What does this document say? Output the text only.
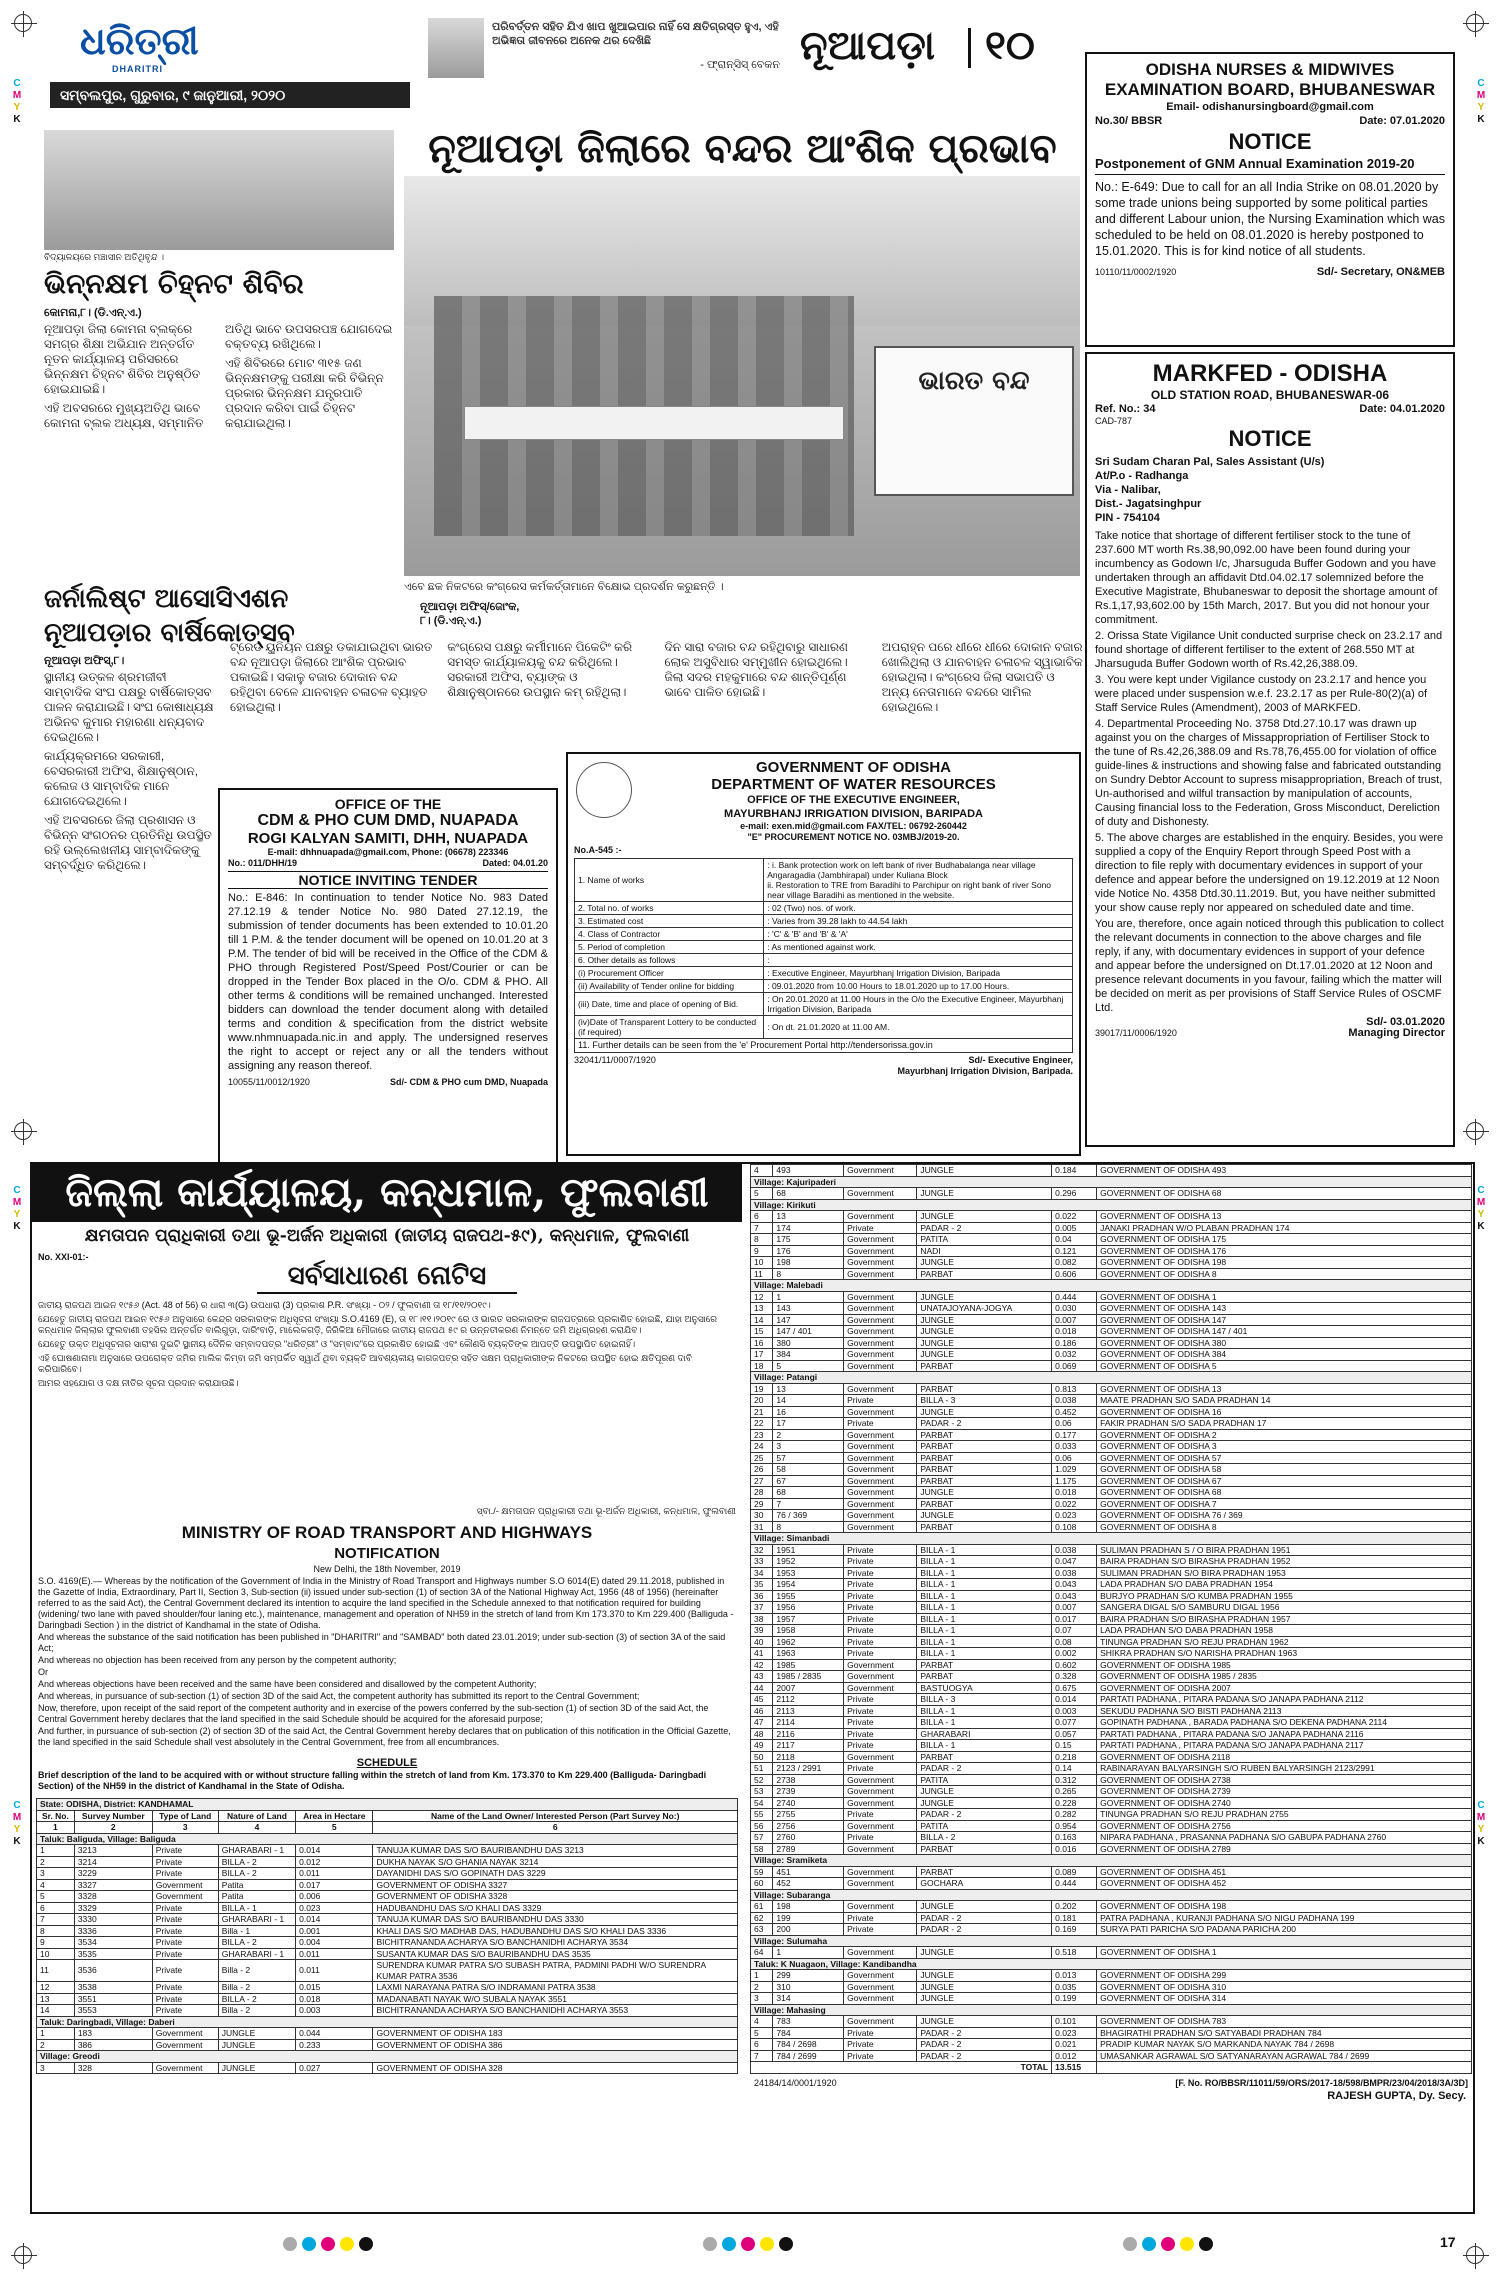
C
M
Y
K
C
M
Y
K
C
M
Y
K
C
M
Y
K
C
M
Y
K
C
M
Y
K
ଧରିତ୍ରୀ
DHARITRI
ସମ୍ବଲପୁର, ଗୁରୁବାର, ୯ ଜାନୁଆରୀ, ୨୦୨୦
ପରିବର୍ତ୍ତନ ସହିତ ଯିଏ ଖାପ ଖୁଆଇପାର ନାହିଁ ସେ କ୍ଷତିଗ୍ରସ୍ତ ହୁଏ, ଏହି ଅଭିଜ୍ଞତା ଜୀବନରେ ଅନେକ ଥର ଦେଖିଛି
- ଫ୍ରାନ୍ସିସ୍ ବେକନ ନୂଆପଡ଼ା ୧୦
ନୂଆପଡ଼ା ଜିଲାରେ ବନ୍ଦର ଆଂଶିକ ପ୍ରଭାବ
ଭାରତ ବନ୍ଦ
ଏବେ ଛକ ନିକଟରେ କଂଗ୍ରେସ କର୍ମକର୍ତ୍ତାମାନେ ବିକ୍ଷୋଭ ପ୍ରଦର୍ଶନ କରୁଛନ୍ତି ।
ବିଦ୍ୟାଳୟରେ ମଞ୍ଚାସୀନ ଅତିଥିବୃନ୍ଦ ।
ଭିନ୍ନକ୍ଷମ ଚିହ୍ନଟ ଶିବିର
କୋମନା,୮। (ଡି.ଏନ୍.ଏ.)

ନୂଆପଡ଼ା ଜିଲା କୋମନା ବ୍ଲକ୍‌ରେ ସମଗ୍ର ଶିକ୍ଷା ଅଭିଯାନ ଅନ୍ତର୍ଗତ ନୂତନ କାର୍ଯ୍ୟାଳୟ ପରିସରରେ ଭିନ୍ନକ୍ଷମ ଚିହ୍ନଟ ଶିବିର ଅନୁଷ୍ଠିତ ହୋଇଯାଇଛି।

ଏହି ଅବସରରେ ମୁଖ୍ୟଅତିଥି ଭାବେ କୋମନା ବ୍ଲକ ଅଧ୍ୟକ୍ଷ, ସମ୍ମାନିତ ଅତିଥି ଭାବେ ଉପସରପଞ୍ଚ ଯୋଗଦେଇ ବକ୍ତବ୍ୟ ରଖିଥିଲେ।

ଏହି ଶିବିରରେ ମୋଟ ୩୧୫ ଜଣ ଭିନ୍ନକ୍ଷମଙ୍କୁ ପରୀକ୍ଷା କରି ବିଭିନ୍ନ ପ୍ରକାର ଭିନ୍ନକ୍ଷମ ଯନ୍ତ୍ରପାତି ପ୍ରଦାନ କରିବା ପାଇଁ ଚିହ୍ନଟ କରାଯାଇଥିଲା।

ଜର୍ନାଲିଷ୍ଟ ଆସୋସିଏଶନ ନୂଆପଡ଼ାର ବାର୍ଷିକୋତ୍ସବ
ନୂଆପଡ଼ା ଅଫିସ୍,୮।

ସ୍ଥାନୀୟ ଉତ୍କଳ ଶ୍ରମଜୀବୀ ସାମ୍ବାଦିକ ସଂଘ ପକ୍ଷରୁ ବାର୍ଷିକୋତ୍ସବ ପାଳନ କରାଯାଇଛି। ସଂଘ କୋଷାଧ୍ୟକ୍ଷ ଅଭିନବ କୁମାର ମହାରଣା ଧନ୍ୟବାଦ ଦେଇଥିଲେ।

କାର୍ଯ୍ୟକ୍ରମରେ ସରକାରୀ, ବେସରକାରୀ ଅଫିସ, ଶିକ୍ଷାନୁଷ୍ଠାନ, କଲେଜ ଓ ସାମ୍ବାଦିକ ମାନେ ଯୋଗଦେଇଥିଲେ।

ଏହି ଅବସରରେ ଜିଲା ପ୍ରଶାସନ ଓ ବିଭିନ୍ନ ସଂଗଠନର ପ୍ରତିନିଧି ଉପସ୍ଥିତ ରହି ଉଲ୍ଲେଖନୀୟ ସାମ୍ବାଦିକଙ୍କୁ ସମ୍ବର୍ଦ୍ଧିତ କରିଥିଲେ।

ନୂଆପଡ଼ା ଅଫିସ୍/ଜୋଂକ,
୮। (ଡି.ଏନ୍.ଏ.)

ଟ୍ରେଡ ୟୁନିୟନ ପକ୍ଷରୁ ଡକାଯାଇଥିବା ଭାରତ ବନ୍ଦ ନୂଆପଡ଼ା ଜିଲାରେ ଆଂଶିକ ପ୍ରଭାବ ପକାଇଛି। ସକାଳୁ ବଜାର ଦୋକାନ ବନ୍ଦ ରହିଥିବା ବେଳେ ଯାନବାହନ ଚଳାଚଳ ବ୍ୟାହତ ହୋଇଥିଲା।

କଂଗ୍ରେସ ପକ୍ଷରୁ କର୍ମୀମାନେ ପିକେଟିଂ କରି ସମସ୍ତ କାର୍ଯ୍ୟାଳୟକୁ ବନ୍ଦ କରିଥିଲେ। ସରକାରୀ ଅଫିସ, ବ୍ୟାଙ୍କ ଓ ଶିକ୍ଷାନୁଷ୍ଠାନରେ ଉପସ୍ଥାନ କମ୍ ରହିଥିଲା।

ଦିନ ସାରା ବଜାର ବନ୍ଦ ରହିଥିବାରୁ ସାଧାରଣ ଲୋକ ଅସୁବିଧାର ସମ୍ମୁଖୀନ ହୋଇଥିଲେ। ଜିଲା ସଦର ମହକୁମାରେ ବନ୍ଦ ଶାନ୍ତିପୂର୍ଣ୍ଣ ଭାବେ ପାଳିତ ହୋଇଛି।

ଅପରାହ୍ନ ପରେ ଧୀରେ ଧୀରେ ଦୋକାନ ବଜାର ଖୋଲିଥିଲା ଓ ଯାନବାହନ ଚଳାଚଳ ସ୍ୱାଭାବିକ ହୋଇଥିଲା। କଂଗ୍ରେସ ଜିଲା ସଭାପତି ଓ ଅନ୍ୟ ନେତାମାନେ ବନ୍ଦରେ ସାମିଲ ହୋଇଥିଲେ।

ODISHA NURSES & MIDWIVES EXAMINATION BOARD, BHUBANESWAR
Email- odishanursingboard@gmail.com
No.30/ BBSR	Date: 07.01.2020
NOTICE
Postponement of GNM Annual Examination 2019-20
No.: E-649: Due to call for an all India Strike on 08.01.2020 by some trade unions being supported by some political parties and different Labour union, the Nursing Examination which was scheduled to be held on 08.01.2020 is hereby postponed to 15.01.2020. This is for kind notice of all students.
10110/11/0002/1920	Sd/- Secretary, ON&MEB
MARKFED - ODISHA
OLD STATION ROAD, BHUBANESWAR-06
Ref. No.: 34	Date: 04.01.2020
CAD-787
NOTICE
Sri Sudam Charan Pal, Sales Assistant (U/s)
At/P.o - Radhanga
Via - Nalibar,
Dist.- Jagatsinghpur
PIN - 754104

Take notice that shortage of different fertiliser stock to the tune of 237.600 MT worth Rs.38,90,092.00 have been found during your incumbency as Godown I/c, Jharsuguda Buffer Godown and you have undertaken through an affidavit Dtd.04.02.17 solemnized before the Executive Magistrate, Bhubaneswar to deposit the shortage amount of Rs.1,17,93,602.00 by 15th March, 2017. But you did not honour your commitment.

2. Orissa State Vigilance Unit conducted surprise check on 23.2.17 and found shortage of different fertiliser to the extent of 268.550 MT at Jharsuguda Buffer Godown worth of Rs.42,26,388.09.

3. You were kept under Vigilance custody on 23.2.17 and hence you were placed under suspension w.e.f. 23.2.17 as per Rule-80(2)(a) of Staff Service Rules (Amendment), 2003 of MARKFED.

4. Departmental Proceeding No. 3758 Dtd.27.10.17 was drawn up against you on the charges of Missappropriation of Fertiliser Stock to the tune of Rs.42,26,388.09 and Rs.78,76,455.00 for violation of office guide-lines & instructions and showing false and fabricated outstanding on Sundry Debtor Account to supress misappropriation, Breach of trust, Un-authorised and wilful transaction by manipulation of accounts, Causing financial loss to the Federation, Gross Misconduct, Dereliction of duty and Dishonesty.

5. The above charges are established in the enquiry. Besides, you were supplied a copy of the Enquiry Report through Speed Post with a direction to file reply with documentary evidences in support of your defence and appear before the undersigned on 19.12.2019 at 12 Noon vide Notice No. 4358 Dtd.30.11.2019. But, you have neither submitted your show cause reply nor appeared on scheduled date and time.

You are, therefore, once again noticed through this publication to collect the relevant documents in connection to the above charges and file reply, if any, with documentary evidences in support of your defence and appear before the undersigned on Dt.17.01.2020 at 12 Noon and presence relevant documents in you favour, failing which the matter will be decided on merit as per provisions of Staff Service Rules of OSCMF Ltd.

39017/11/0006/1920
Sd/- 03.01.2020
Managing Director
OFFICE OF THE
CDM & PHO CUM DMD, NUAPADA
ROGI KALYAN SAMITI, DHH, NUAPADA
E-mail: dhhnuapada@gmail.com, Phone: (06678) 223346
No.: 011/DHH/19	Dated: 04.01.20
NOTICE INVITING TENDER
No.: E-846: In continuation to tender Notice No. 983 Dated 27.12.19 & tender Notice No. 980 Dated 27.12.19, the submission of tender documents has been extended to 10.01.20 till 1 P.M. & the tender document will be opened on 10.01.20 at 3 P.M. The tender of bid will be received in the Office of the CDM & PHO through Registered Post/Speed Post/Courier or can be dropped in the Tender Box placed in the O/o. CDM & PHO. All other terms & conditions will be remained unchanged. Interested bidders can download the tender document along with detailed terms and condition & specification from the district website www.nhmnuapada.nic.in and apply. The undersigned reserves the right to accept or reject any or all the tenders without assigning any reason thereof.
10055/11/0012/1920	Sd/- CDM & PHO cum DMD, Nuapada
GOVERNMENT OF ODISHA
DEPARTMENT OF WATER RESOURCES
OFFICE OF THE EXECUTIVE ENGINEER,
MAYURBHANJ IRRIGATION DIVISION, BARIPADA
e-mail: exen.mid@gmail.com FAX/TEL: 06792-260442
"E" PROCUREMENT NOTICE NO. 03MBJ/2019-20.
No.A-545 :-
1. Name of works	: i. Bank protection work on left bank of river Budhabalanga near village Angaragadia (Jambhirapal) under Kuliana Block
ii. Restoration to TRE from Baradihi to Parchipur on right bank of river Sono near village Baradihi as mentioned in the website.
2. Total no. of works	: 02 (Two) nos. of work.
3. Estimated cost	: Varies from 39.28 lakh to 44.54 lakh
4. Class of Contractor	: 'C' & 'B' and 'B' & 'A'
5. Period of completion	: As mentioned against work.
6. Other details as follows	:
(i) Procurement Officer	: Executive Engineer, Mayurbhanj Irrigation Division, Baripada
(ii) Availability of Tender online for bidding	: 09.01.2020 from 10.00 Hours to 18.01.2020 up to 17.00 Hours.
(iii) Date, time and place of opening of Bid.	: On 20.01.2020 at 11.00 Hours in the O/o the Executive Engineer, Mayurbhanj Irrigation Division, Baripada
(iv)Date of Transparent Lottery to be conducted (if required)	: On dt. 21.01.2020 at 11.00 AM.
11. Further details can be seen from the 'e' Procurement Portal http://tendersorissa.gov.in
32041/11/0007/1920	Sd/- Executive Engineer,
Mayurbhanj Irrigation Division, Baripada.
ଜିଲ୍ଲା କାର୍ଯ୍ୟାଳୟ, କନ୍ଧମାଳ, ଫୁଲବାଣୀ
କ୍ଷମତାପନ ପ୍ରାଧିକାରୀ ତଥା ଭୂ-ଅର୍ଜନ ଅଧିକାରୀ (ଜାତୀୟ ରାଜପଥ-୫୯), କନ୍ଧମାଳ, ଫୁଲବାଣୀ
No. XXI-01:-
ସର୍ବସାଧାରଣ ନୋଟିସ

ଜାତୀୟ ରାଜପଥ ଆଇନ ୧୯୫୬ (Act. 48 of 56) ର ଧାରା ୩(G) ଉପଧାରା (3) ପ୍ରକାଶ P.R. ସଂଖ୍ୟା - ୦୨ / ଫୁଲବାଣୀ ତା ୧୮/୧୧/୨୦୧୯।

ଯେହେତୁ ଜାତୀୟ ରାଜପଥ ଆଇନ ୧୯୫୬ ଅନୁସାରେ କେନ୍ଦ୍ର ସରକାରଙ୍କ ଅଧିସୂଚନା ସଂଖ୍ୟା S.O.4169 (E), ତା ୧୮।୧୧।୨୦୧୯ ରେ ଓ ଭାରତ ସରକାରଙ୍କ ରାଜପତ୍ରରେ ପ୍ରକାଶିତ ହୋଇଛି, ଯାହା ଅନୁସାରେ କନ୍ଧମାଳ ଜିଲ୍ଲାର ଫୁଲବାଣୀ ତହସିଲ ଅନ୍ତର୍ଗତ ବାଲିଗୁଡ଼ା, ଦାରିଂବାଡ଼ି, ମାଲେକଗଡ଼ି, ଜିରିକିଆ ମୌଜାରେ ଜାତୀୟ ରାଜପଥ ୫୯ ର ଉନ୍ନତୀକରଣ ନିମନ୍ତେ ଜମି ଅଧିଗ୍ରହଣ କରାଯିବ।

ଯେହେତୁ ଉକ୍ତ ଅଧିସୂଚନାର ସାରାଂଶ ଦୁଇଟି ସ୍ଥାନୀୟ ଦୈନିକ ସମ୍ବାଦପତ୍ର "ଧରିତ୍ରୀ" ଓ "ସମ୍ବାଦ"ରେ ପ୍ରକାଶିତ ହୋଇଛି ଏବଂ କୌଣସି ବ୍ୟକ୍ତିଙ୍କ ଆପତ୍ତି ଉପସ୍ଥାପିତ ହୋଇନାହିଁ।

ଏହି ଘୋଷଣାନାମା ଅନୁସାରେ ଉପରୋକ୍ତ ଜମିର ମାଲିକ କିମ୍ବା ଜମି ସମ୍ପର୍କିତ ସ୍ୱାର୍ଥ ଥିବା ବ୍ୟକ୍ତି ଆବଶ୍ୟକୀୟ କାଗଜପତ୍ର ସହିତ ସକ୍ଷମ ପ୍ରାଧିକାରୀଙ୍କ ନିକଟରେ ଉପସ୍ଥିତ ହୋଇ କ୍ଷତିପୂରଣ ଦାବି କରିପାରିବେ।

ଆମର ସହଯୋଗ ଓ ଦକ୍ଷ ନୀତିର ସୂଚନା ପ୍ରଦାନ କରାଯାଉଛି।

ସ୍ବା./- କ୍ଷମତାପନ ପ୍ରାଧିକାରୀ ତଥା ଭୂ-ଅର୍ଜନ ଅଧିକାରୀ, କନ୍ଧମାଳ, ଫୁଲବାଣୀ
MINISTRY OF ROAD TRANSPORT AND HIGHWAYS
NOTIFICATION
New Delhi, the 18th November, 2019

S.O. 4169(E).— Whereas by the notification of the Government of India in the Ministry of Road Transport and Highways number S.O 6014(E) dated 29.11.2018, published in the Gazette of India, Extraordinary, Part II, Section 3, Sub-section (ii) issued under sub-section (1) of section 3A of the National Highway Act, 1956 (48 of 1956) (hereinafter referred to as the said Act), the Central Government declared its intention to acquire the land specified in the Schedule annexed to that notification required for building (widening/ two lane with paved shoulder/four laning etc.), maintenance, management and operation of NH59 in the stretch of land from Km 173.370 to Km 229.400 (Balliguda - Daringbadi Section ) in the district of Kandhamal in the state of Odisha.

And whereas the substance of the said notification has been published in "DHARITRI" and "SAMBAD" both dated 23.01.2019; under sub-section (3) of section 3A of the said Act;

And whereas no objection has been received from any person by the competent authority;

Or

And whereas objections have been received and the same have been considered and disallowed by the competent Authority;

And whereas, in pursuance of sub-section (1) of section 3D of the said Act, the competent authority has submitted its report to the Central Government;

Now, therefore, upon receipt of the said report of the competent authority and in exercise of the powers conferred by the sub-section (1) of section 3D of the said Act, the Central Government hereby declares that the land specified in the said Schedule should be acquired for the aforesaid purpose;

And further, in pursuance of sub-section (2) of section 3D of the said Act, the Central Government hereby declares that on publication of this notification in the Official Gazette, the land specified in the said Schedule shall vest absolutely in the Central Government, free from all encumbrances.

SCHEDULE
Brief description of the land to be acquired with or without structure falling within the stretch of land from Km. 173.370 to Km 229.400 (Balliguda- Daringbadi Section) of the NH59 in the district of Kandhamal in the State of Odisha.
State: ODISHA, District: KANDHAMAL					
Sr. No.	Survey Number	Type of Land	Nature of Land	Area in Hectare	Name of the Land Owner/ Interested Person (Part Survey No:)
1	2	3	4	5	6
Taluk: Baliguda, Village: Baliguda					
1	3213	Private	GHARABARI - 1	0.014	TANUJA KUMAR DAS S/O BAURIBANDHU DAS 3213
2	3214	Private	BILLA - 2	0.012	DUKHA NAYAK S/O GHANIA NAYAK 3214
3	3229	Private	BILLA - 2	0.011	DAYANIDHI DAS S/O GOPINATH DAS 3229
4	3327	Government	Patita	0.017	GOVERNMENT OF ODISHA 3327
5	3328	Government	Patita	0.006	GOVERNMENT OF ODISHA 3328
6	3329	Private	BILLA - 1	0.023	HADUBANDHU DAS S/O KHALI DAS 3329
7	3330	Private	GHARABARI - 1	0.014	TANUJA KUMAR DAS S/O BAURIBANDHU DAS 3330
8	3336	Private	Billa - 1	0.001	KHALI DAS S/O MADHAB DAS, HADUBANDHU DAS S/O KHALI DAS 3336
9	3534	Private	BILLA - 2	0.004	BICHITRANANDA ACHARYA S/O BANCHANIDHI ACHARYA 3534
10	3535	Private	GHARABARI - 1	0.011	SUSANTA KUMAR DAS S/O BAURIBANDHU DAS 3535
11	3536	Private	Billa - 2	0.011	SURENDRA KUMAR PATRA S/O SUBASH PATRA, PADMINI PADHI W/O SURENDRA KUMAR PATRA 3536
12	3538	Private	Billa - 2	0.015	LAXMI NARAYANA PATRA S/O INDRAMANI PATRA 3538
13	3551	Private	BILLA - 2	0.018	MADANABATI NAYAK W/O SUBALA NAYAK 3551
14	3553	Private	Billa - 2	0.003	BICHITRANANDA ACHARYA S/O BANCHANIDHI ACHARYA 3553
Taluk: Daringbadi, Village: Daberi					
1	183	Government	JUNGLE	0.044	GOVERNMENT OF ODISHA 183
2	386	Government	JUNGLE	0.233	GOVERNMENT OF ODISHA 386
Village: Greodi					
3	328	Government	JUNGLE	0.027	GOVERNMENT OF ODISHA 328
4	493	Government	JUNGLE	0.184	GOVERNMENT OF ODISHA 493
Village: Kajuripaderi					
5	68	Government	JUNGLE	0.296	GOVERNMENT OF ODISHA 68
Village: Kirikuti					
6	13	Government	JUNGLE	0.022	GOVERNMENT OF ODISHA 13
7	174	Private	PADAR - 2	0.005	JANAKI PRADHAN W/O PLABAN PRADHAN 174
8	175	Government	PATITA	0.04	GOVERNMENT OF ODISHA 175
9	176	Government	NADI	0.121	GOVERNMENT OF ODISHA 176
10	198	Government	JUNGLE	0.082	GOVERNMENT OF ODISHA 198
11	8	Government	PARBAT	0.606	GOVERNMENT OF ODISHA 8
Village: Malebadi					
12	1	Government	JUNGLE	0.444	GOVERNMENT OF ODISHA 1
13	143	Government	UNATAJOYANA-JOGYA	0.030	GOVERNMENT OF ODISHA 143
14	147	Government	JUNGLE	0.007	GOVERNMENT OF ODISHA 147
15	147 / 401	Government	JUNGLE	0.018	GOVERNMENT OF ODISHA 147 / 401
16	380	Government	JUNGLE	0.186	GOVERNMENT OF ODISHA 380
17	384	Government	JUNGLE	0.032	GOVERNMENT OF ODISHA 384
18	5	Government	PARBAT	0.069	GOVERNMENT OF ODISHA 5
Village: Patangi					
19	13	Government	PARBAT	0.813	GOVERNMENT OF ODISHA 13
20	14	Private	BILLA - 3	0.038	MAATE PRADHAN S/O SADA PRADHAN 14
21	16	Government	JUNGLE	0.452	GOVERNMENT OF ODISHA 16
22	17	Private	PADAR - 2	0.06	FAKIR PRADHAN S/O SADA PRADHAN 17
23	2	Government	PARBAT	0.177	GOVERNMENT OF ODISHA 2
24	3	Government	PARBAT	0.033	GOVERNMENT OF ODISHA 3
25	57	Government	PARBAT	0.06	GOVERNMENT OF ODISHA 57
26	58	Government	PARBAT	1.029	GOVERNMENT OF ODISHA 58
27	67	Government	PARBAT	1.175	GOVERNMENT OF ODISHA 67
28	68	Government	JUNGLE	0.018	GOVERNMENT OF ODISHA 68
29	7	Government	PARBAT	0.022	GOVERNMENT OF ODISHA 7
30	76 / 369	Government	JUNGLE	0.023	GOVERNMENT OF ODISHA 76 / 369
31	8	Government	PARBAT	0.108	GOVERNMENT OF ODISHA 8
Village: Simanbadi					
32	1951	Private	BILLA - 1	0.038	SULIMAN PRADHAN S / O BIRA PRADHAN 1951
33	1952	Private	BILLA - 1	0.047	BAIRA PRADHAN S/O BIRASHA PRADHAN 1952
34	1953	Private	BILLA - 1	0.038	SULIMAN PRADHAN S/O BIRA PRADHAN 1953
35	1954	Private	BILLA - 1	0.043	LADA PRADHAN S/O DABA PRADHAN 1954
36	1955	Private	BILLA - 1	0.043	BURJYO PRADHAN S/O KUMBA PRADHAN 1955
37	1956	Private	BILLA - 1	0.007	SANGERA DIGAL S/O SAMBURU DIGAL 1956
38	1957	Private	BILLA - 1	0.017	BAIRA PRADHAN S/O BIRASHA PRADHAN 1957
39	1958	Private	BILLA - 1	0.07	LADA PRADHAN S/O DABA PRADHAN 1958
40	1962	Private	BILLA - 1	0.08	TINUNGA PRADHAN S/O REJU PRADHAN 1962
41	1963	Private	BILLA - 1	0.002	SHIKRA PRADHAN S/O NARISHA PRADHAN 1963
42	1985	Government	PARBAT	0.602	GOVERNMENT OF ODISHA 1985
43	1985 / 2835	Government	PARBAT	0.328	GOVERNMENT OF ODISHA 1985 / 2835
44	2007	Government	BASTUOGYA	0.675	GOVERNMENT OF ODISHA 2007
45	2112	Private	BILLA - 3	0.014	PARTATI PADHANA , PITARA PADANA S/O JANAPA PADHANA 2112
46	2113	Private	BILLA - 1	0.003	SEKUDU PADHANA S/O BISTI PADHANA 2113
47	2114	Private	BILLA - 1	0.077	GOPINATH PADHANA , BARADA PADHANA S/O DEKENA PADHANA 2114
48	2116	Private	GHARABARI	0.057	PARTATI PADHANA , PITARA PADANA S/O JANAPA PADHANA 2116
49	2117	Private	BILLA - 1	0.15	PARTATI PADHANA , PITARA PADANA S/O JANAPA PADHANA 2117
50	2118	Government	PARBAT	0.218	GOVERNMENT OF ODISHA 2118
51	2123 / 2991	Private	PADAR - 2	0.14	RABINARAYAN BALYARSINGH S/O RUBEN BALYARSINGH 2123/2991
52	2738	Government	PATITA	0.312	GOVERNMENT OF ODISHA 2738
53	2739	Government	JUNGLE	0.265	GOVERNMENT OF ODISHA 2739
54	2740	Government	JUNGLE	0.228	GOVERNMENT OF ODISHA 2740
55	2755	Private	PADAR - 2	0.282	TINUNGA PRADHAN S/O REJU PRADHAN 2755
56	2756	Government	PATITA	0.954	GOVERNMENT OF ODISHA 2756
57	2760	Private	BILLA - 2	0.163	NIPARA PADHANA , PRASANNA PADHANA S/O GABUPA PADHANA 2760
58	2789	Government	PARBAT	0.016	GOVERNMENT OF ODISHA 2789
Village: Sramiketa					
59	451	Government	PARBAT	0.089	GOVERNMENT OF ODISHA 451
60	452	Government	GOCHARA	0.444	GOVERNMENT OF ODISHA 452
Village: Subaranga					
61	198	Government	JUNGLE	0.202	GOVERNMENT OF ODISHA 198
62	199	Private	PADAR - 2	0.181	PATRA PADHANA , KURANJI PADHANA S/O NIGU PADHANA 199
63	200	Private	PADAR - 2	0.169	SURYA PATI PARICHA S/O PADANA PARICHA 200
Village: Sulumaha					
64	1	Government	JUNGLE	0.518	GOVERNMENT OF ODISHA 1
Taluk: K Nuagaon, Village: Kandibandha					
1	299	Government	JUNGLE	0.013	GOVERNMENT OF ODISHA 299
2	310	Government	JUNGLE	0.035	GOVERNMENT OF ODISHA 310
3	314	Government	JUNGLE	0.199	GOVERNMENT OF ODISHA 314
Village: Mahasing					
4	783	Government	JUNGLE	0.101	GOVERNMENT OF ODISHA 783
5	784	Private	PADAR - 2	0.023	BHAGIRATHI PRADHAN S/O SATYABADI PRADHAN 784
6	784 / 2698	Private	PADAR - 2	0.021	PRADIP KUMAR NAYAK S/O MARKANDA NAYAK 784 / 2698
7	784 / 2699	Private	PADAR - 2	0.012	UMASANKAR AGRAWAL S/O SATYANARAYAN AGRAWAL 784 / 2699
TOTAL				13.515	
24184/14/0001/1920	[F. No. RO/BBSR/11011/59/ORS/2017-18/598/BMPR/23/04/2018/3A/3D]
RAJESH GUPTA, Dy. Secy.
17
